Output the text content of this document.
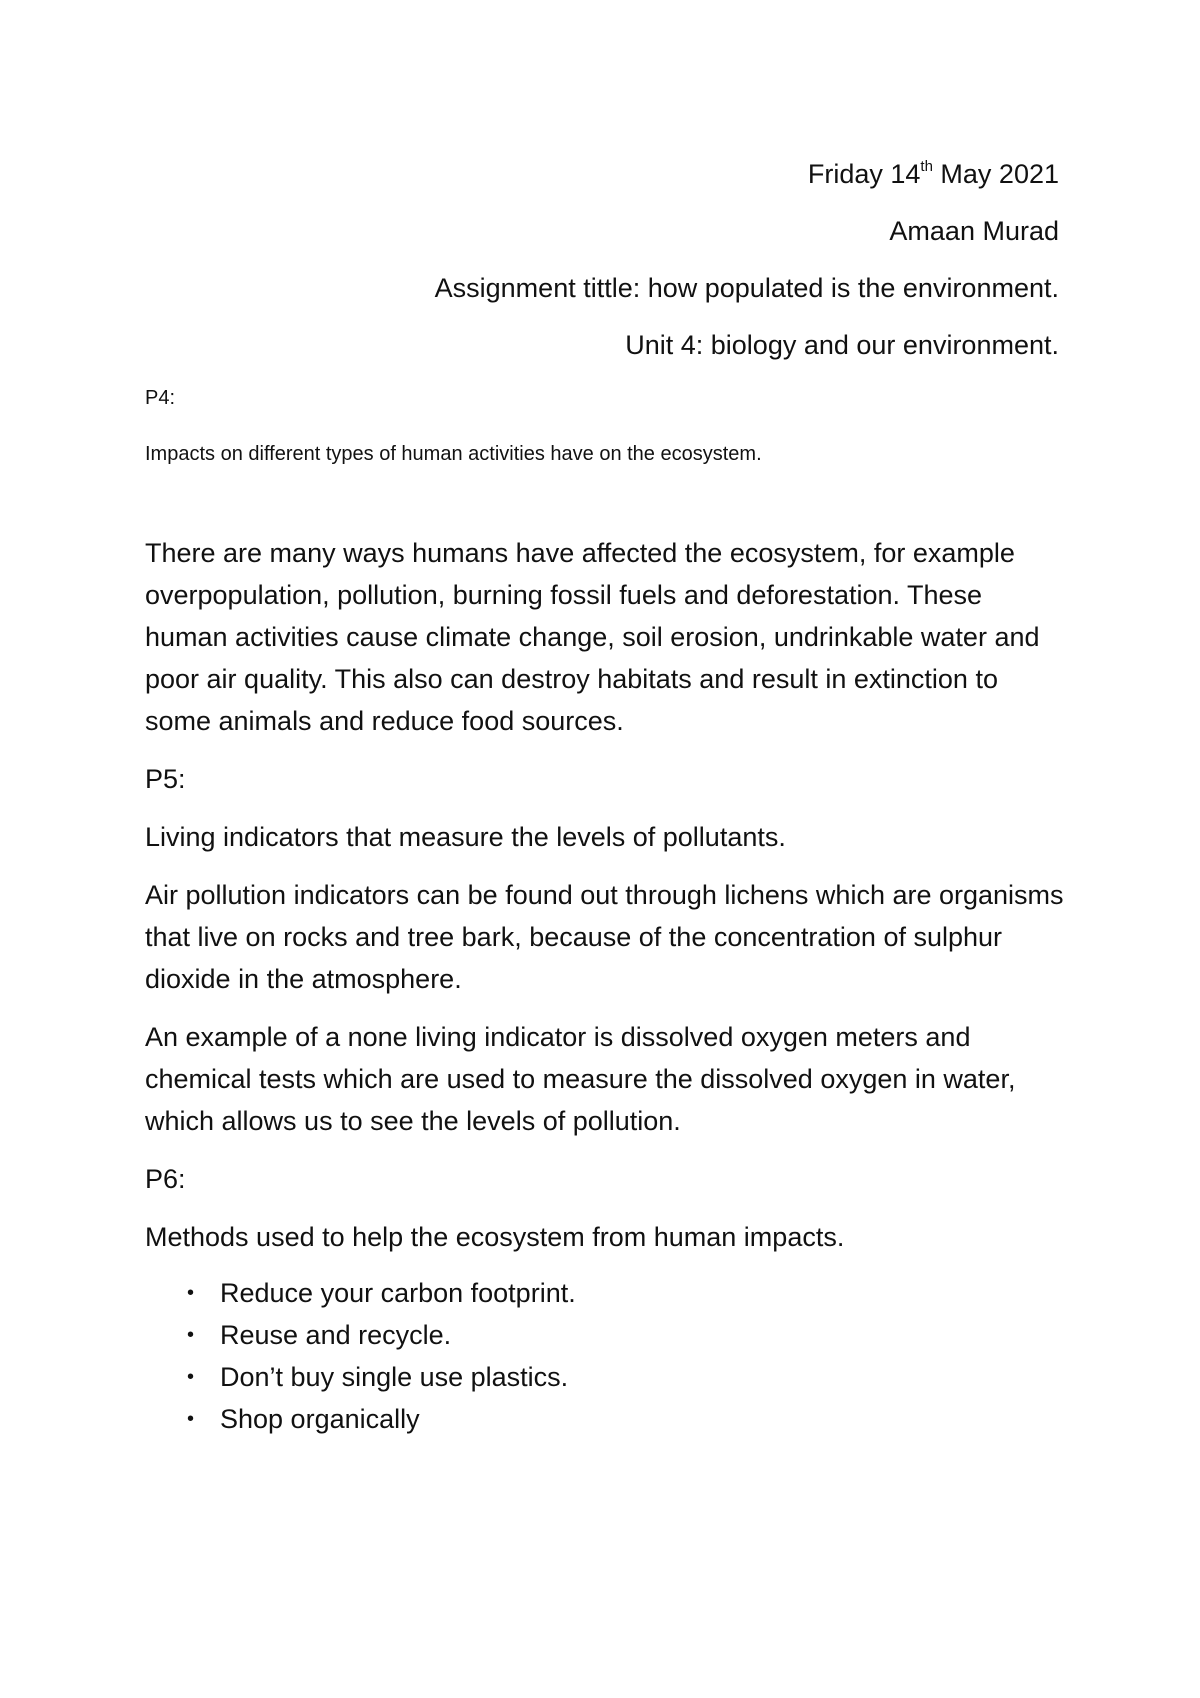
Friday 14th May 2021
Amaan Murad
Assignment tittle: how populated is the environment.
Unit 4: biology and our environment.

P4:

Impacts on different types of human activities have on the ecosystem.

There are many ways humans have affected the ecosystem, for example overpopulation, pollution, burning fossil fuels and deforestation. These human activities cause climate change, soil erosion, undrinkable water and poor air quality. This also can destroy habitats and result in extinction to some animals and reduce food sources.

P5:

Living indicators that measure the levels of pollutants.

Air pollution indicators can be found out through lichens which are organisms that live on rocks and tree bark, because of the concentration of sulphur dioxide in the atmosphere.

An example of a none living indicator is dissolved oxygen meters and chemical tests which are used to measure the dissolved oxygen in water, which allows us to see the levels of pollution.

P6:

Methods used to help the ecosystem from human impacts.

• Reduce your carbon footprint.
• Reuse and recycle.
• Don’t buy single use plastics.
• Shop organically
